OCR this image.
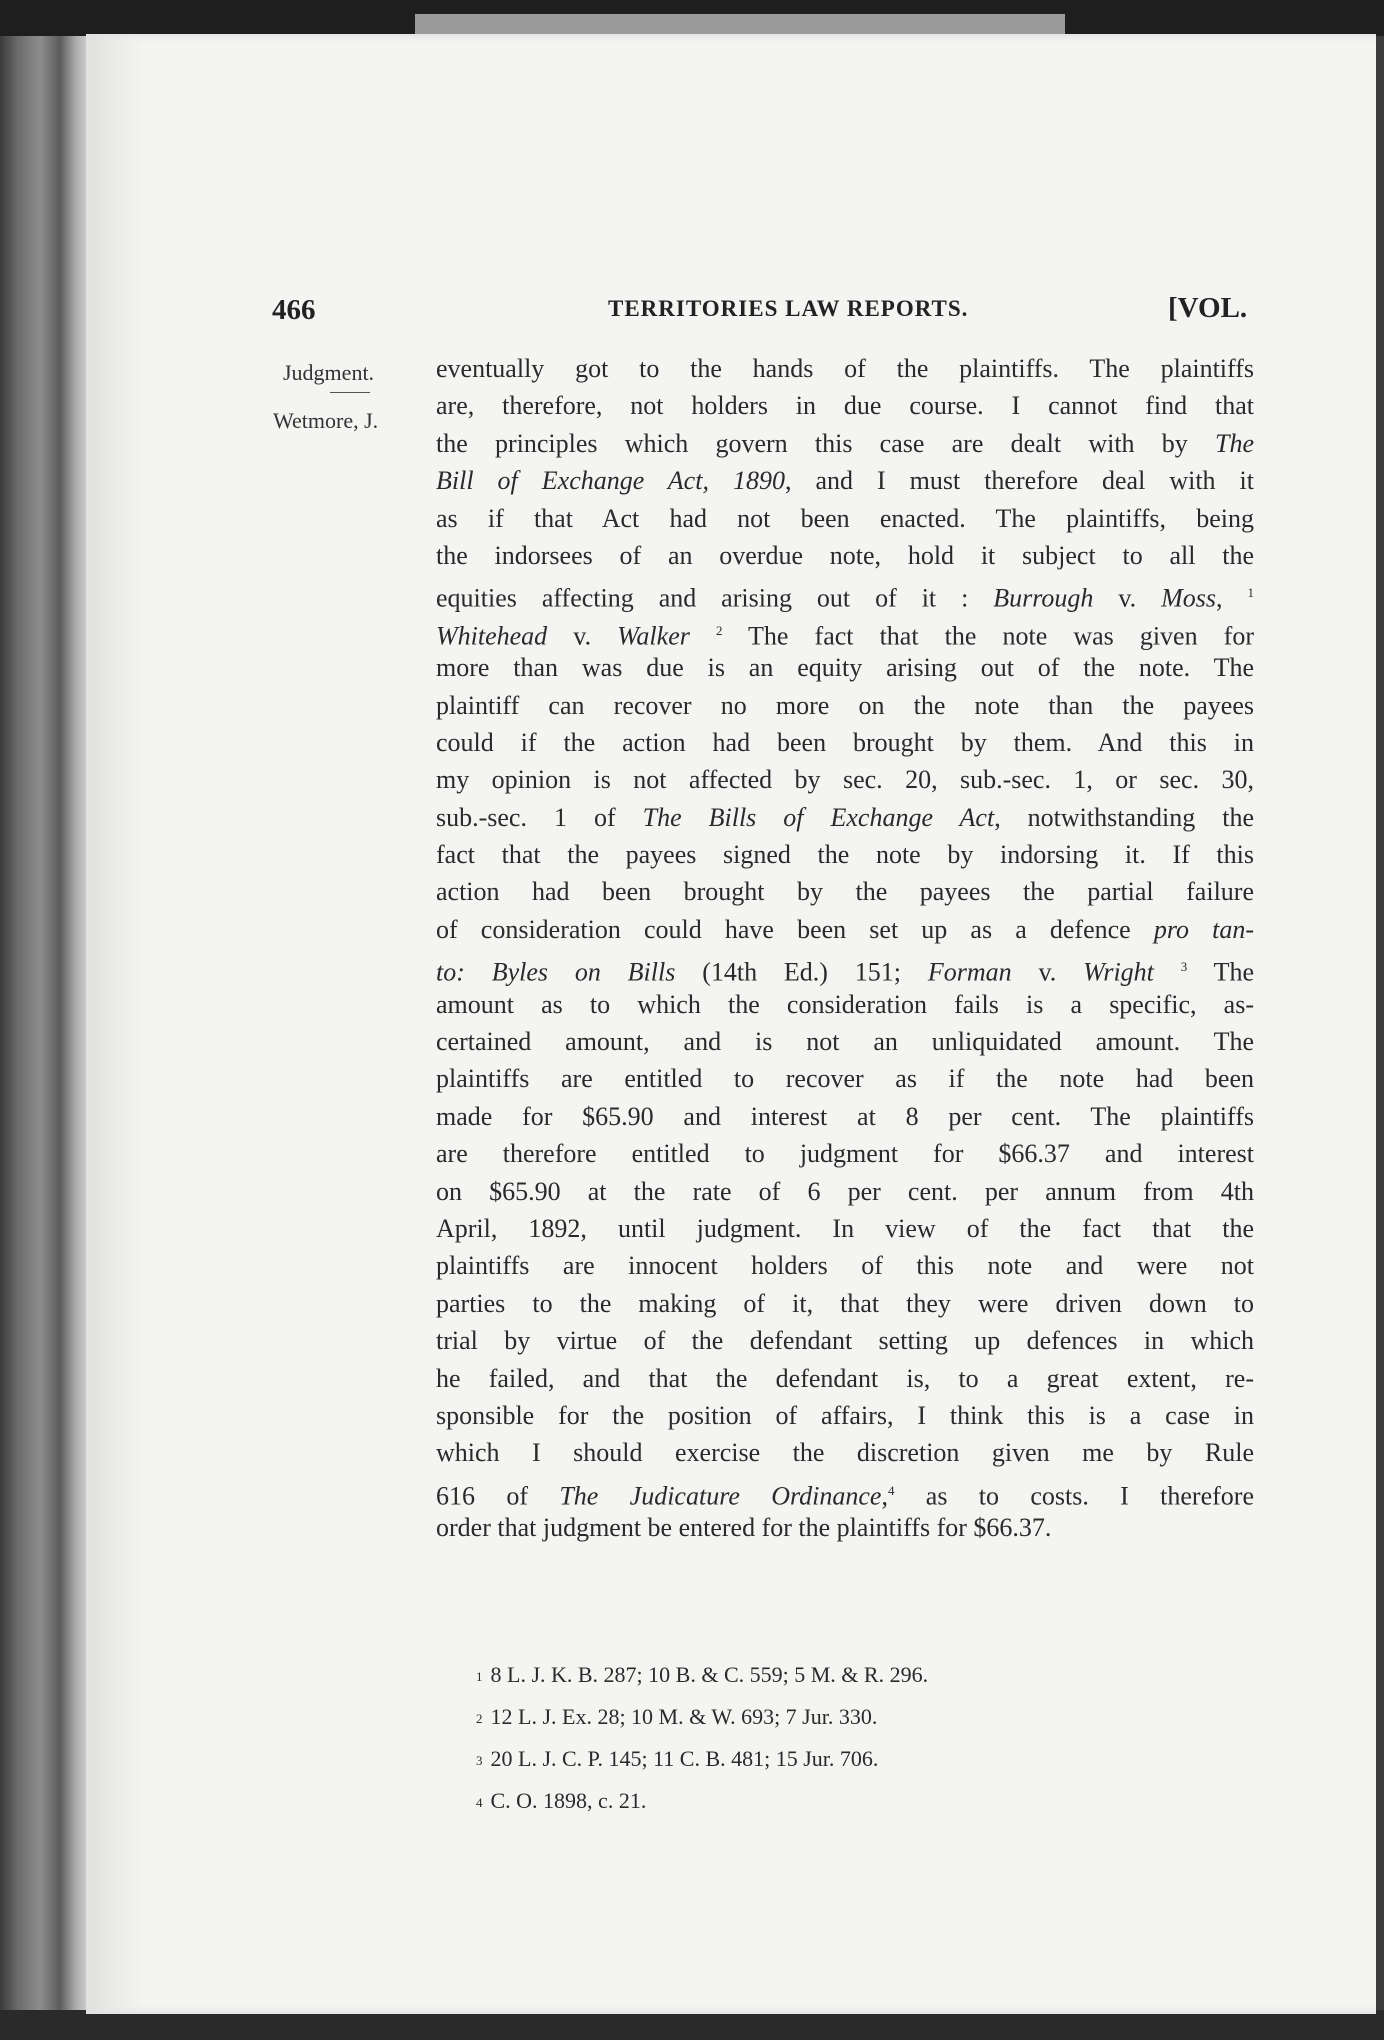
466	TERRITORIES LAW REPORTS.	[VOL.
Judgment.
Wetmore, J.
eventually got to the hands of the plaintiffs. The plaintiffs
are, therefore, not holders in due course. I cannot find that
the principles which govern this case are dealt with by The
Bill of Exchange Act, 1890, and I must therefore deal with it
as if that Act had not been enacted. The plaintiffs, being
the indorsees of an overdue note, hold it subject to all the
equities affecting and arising out of it : Burrough v. Moss, $^1$
Whitehead v. Walker $^2$ The fact that the note was given for
more than was due is an equity arising out of the note. The
plaintiff can recover no more on the note than the payees
could if the action had been brought by them. And this in
my opinion is not affected by sec. 20, sub.-sec. 1, or sec. 30,
sub.-sec. 1 of The Bills of Exchange Act, notwithstanding the
fact that the payees signed the note by indorsing it. If this
action had been brought by the payees the partial failure
of consideration could have been set up as a defence pro tan-
to: Byles on Bills (14th Ed.) 151; Forman v. Wright $^3$ The
amount as to which the consideration fails is a specific, as-
certained amount, and is not an unliquidated amount. The
plaintiffs are entitled to recover as if the note had been
made for $65.90 and interest at 8 per cent. The plaintiffs
are therefore entitled to judgment for $66.37 and interest
on $65.90 at the rate of 6 per cent. per annum from 4th
April, 1892, until judgment. In view of the fact that the
plaintiffs are innocent holders of this note and were not
parties to the making of it, that they were driven down to
trial by virtue of the defendant setting up defences in which
he failed, and that the defendant is, to a great extent, re-
sponsible for the position of affairs, I think this is a case in
which I should exercise the discretion given me by Rule
616 of The Judicature Ordinance,$^4$ as to costs. I therefore
order that judgment be entered for the plaintiffs for $66.37.
1 8 L. J. K. B. 287; 10 B. & C. 559; 5 M. & R. 296.
2 12 L. J. Ex. 28; 10 M. & W. 693; 7 Jur. 330.
3 20 L. J. C. P. 145; 11 C. B. 481; 15 Jur. 706.
4 C. O. 1898, c. 21.
